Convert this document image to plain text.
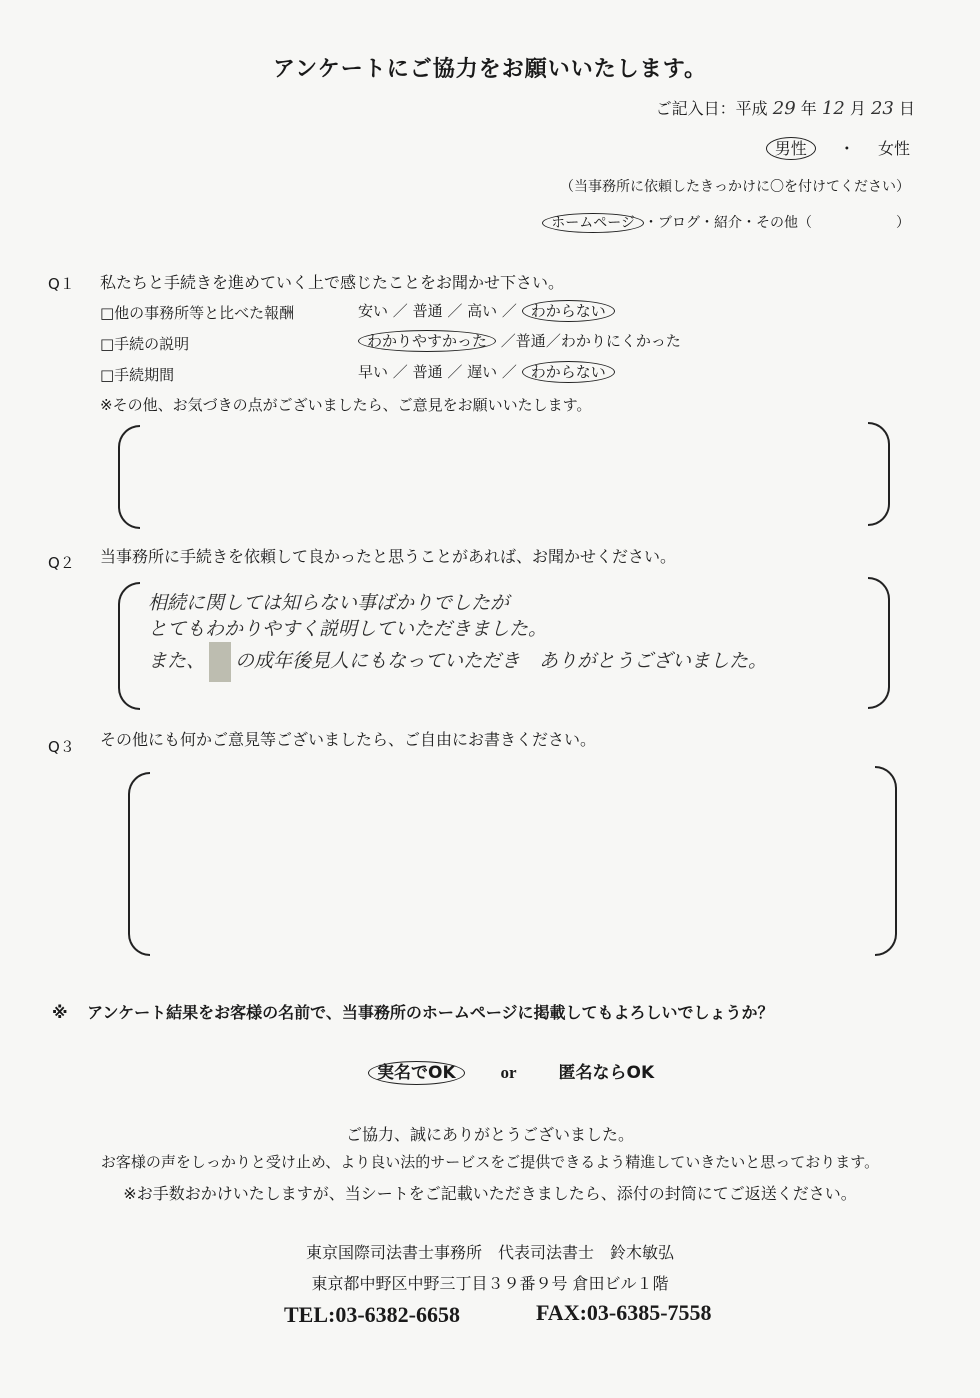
アンケートにご協力をお願いいたします。
ご記入日：平成 29 年 12 月 23 日
男性 ・ 女性
（当事務所に依頼したきっかけに〇を付けてください）
ホームページ ・ブログ・紹介・その他（　　　　　　）
Q１ 私たちと手続きを進めていく上で感じたことをお聞かせ下さい。
□他の事務所等と比べた報酬	安い ／ 普通 ／ 高い ／ わからない
□手続の説明	わかりやすかった ／普通／わかりにくかった
□手続期間	早い ／ 普通 ／ 遅い ／ わからない
※その他、お気づきの点がございましたら、ご意見をお願いいたします。
Q２ 当事務所に手続きを依頼して良かったと思うことがあれば、お聞かせください。
相続に関しては知らない事ばかりでしたが
とてもわかりやすく説明していただきました。
また、 の成年後見人にもなっていただき　ありがとうございました。
Q３ その他にも何かご意見等ございましたら、ご自由にお書きください。
※ アンケート結果をお客様の名前で、当事務所のホームページに掲載してもよろしいでしょうか？
実名でOK	or 匿名ならOK
ご協力、誠にありがとうございました。
お客様の声をしっかりと受け止め、より良い法的サービスをご提供できるよう精進していきたいと思っております。
※お手数おかけいたしますが、当シートをご記載いただきましたら、添付の封筒にてご返送ください。
東京国際司法書士事務所　代表司法書士　鈴木敏弘
東京都中野区中野三丁目３９番９号 倉田ビル１階
TEL:03-6382-6658	FAX:03-6385-7558
